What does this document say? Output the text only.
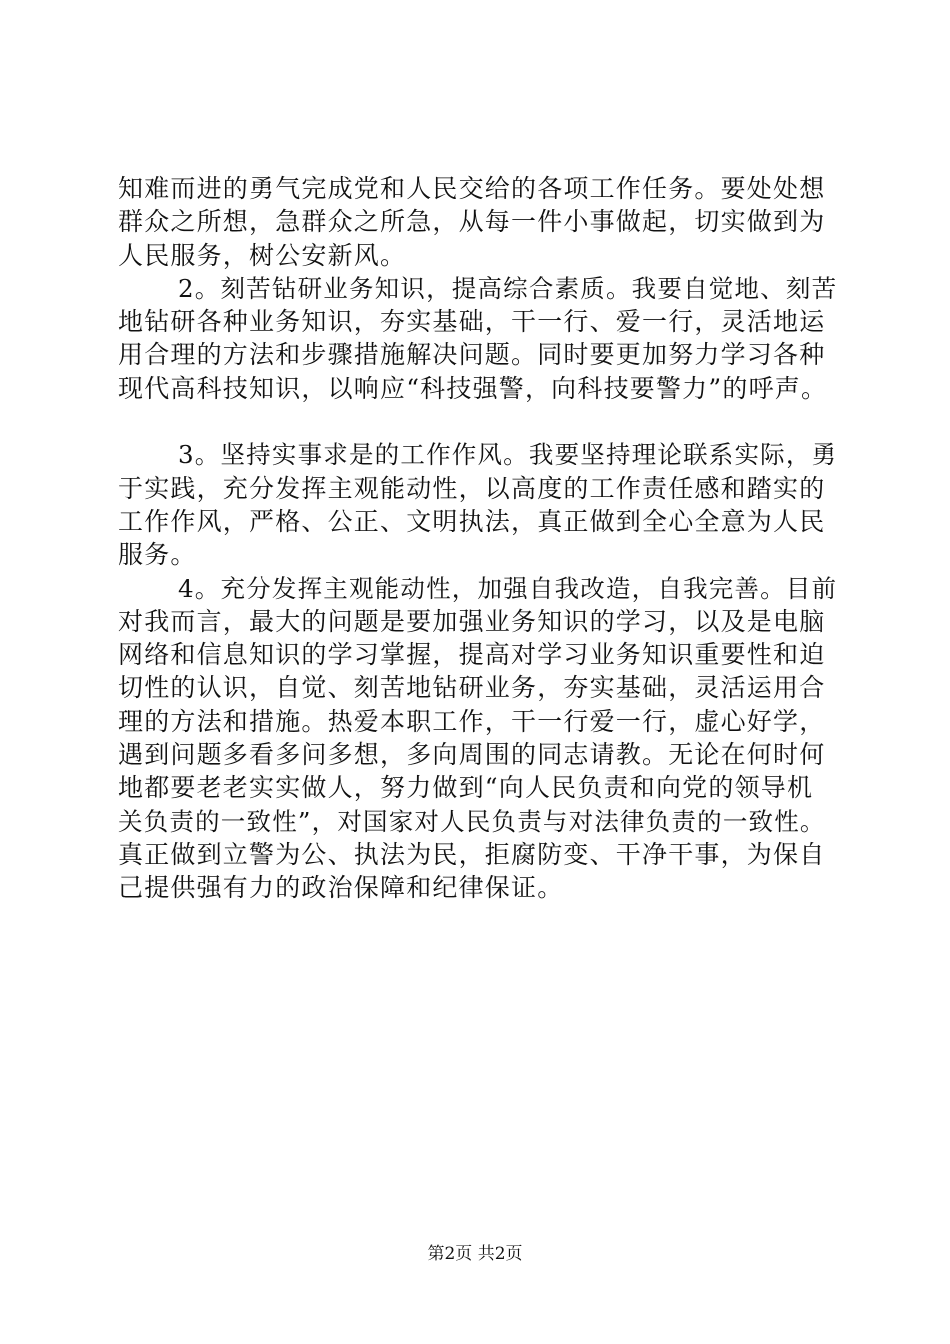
知难而进的勇气完成党和人民交给的各项工作任务。要处处想
群众之所想，急群众之所急，从每一件小事做起，切实做到为
人民服务，树公安新风。
2。刻苦钻研业务知识，提高综合素质。我要自觉地、刻苦
地钻研各种业务知识，夯实基础，干一行、爱一行，灵活地运
用合理的方法和步骤措施解决问题。同时要更加努力学习各种
现代高科技知识，以响应“科技强警，向科技要警力”的呼声。
3。坚持实事求是的工作作风。我要坚持理论联系实际，勇
于实践，充分发挥主观能动性，以高度的工作责任感和踏实的
工作作风，严格、公正、文明执法，真正做到全心全意为人民
服务。
4。充分发挥主观能动性，加强自我改造，自我完善。目前
对我而言，最大的问题是要加强业务知识的学习，以及是电脑
网络和信息知识的学习掌握，提高对学习业务知识重要性和迫
切性的认识，自觉、刻苦地钻研业务，夯实基础，灵活运用合
理的方法和措施。热爱本职工作，干一行爱一行，虚心好学，
遇到问题多看多问多想，多向周围的同志请教。无论在何时何
地都要老老实实做人，努力做到“向人民负责和向党的领导机
关负责的一致性”，对国家对人民负责与对法律负责的一致性。
真正做到立警为公、执法为民，拒腐防变、干净干事，为保自
己提供强有力的政治保障和纪律保证。
第2页 共2页
